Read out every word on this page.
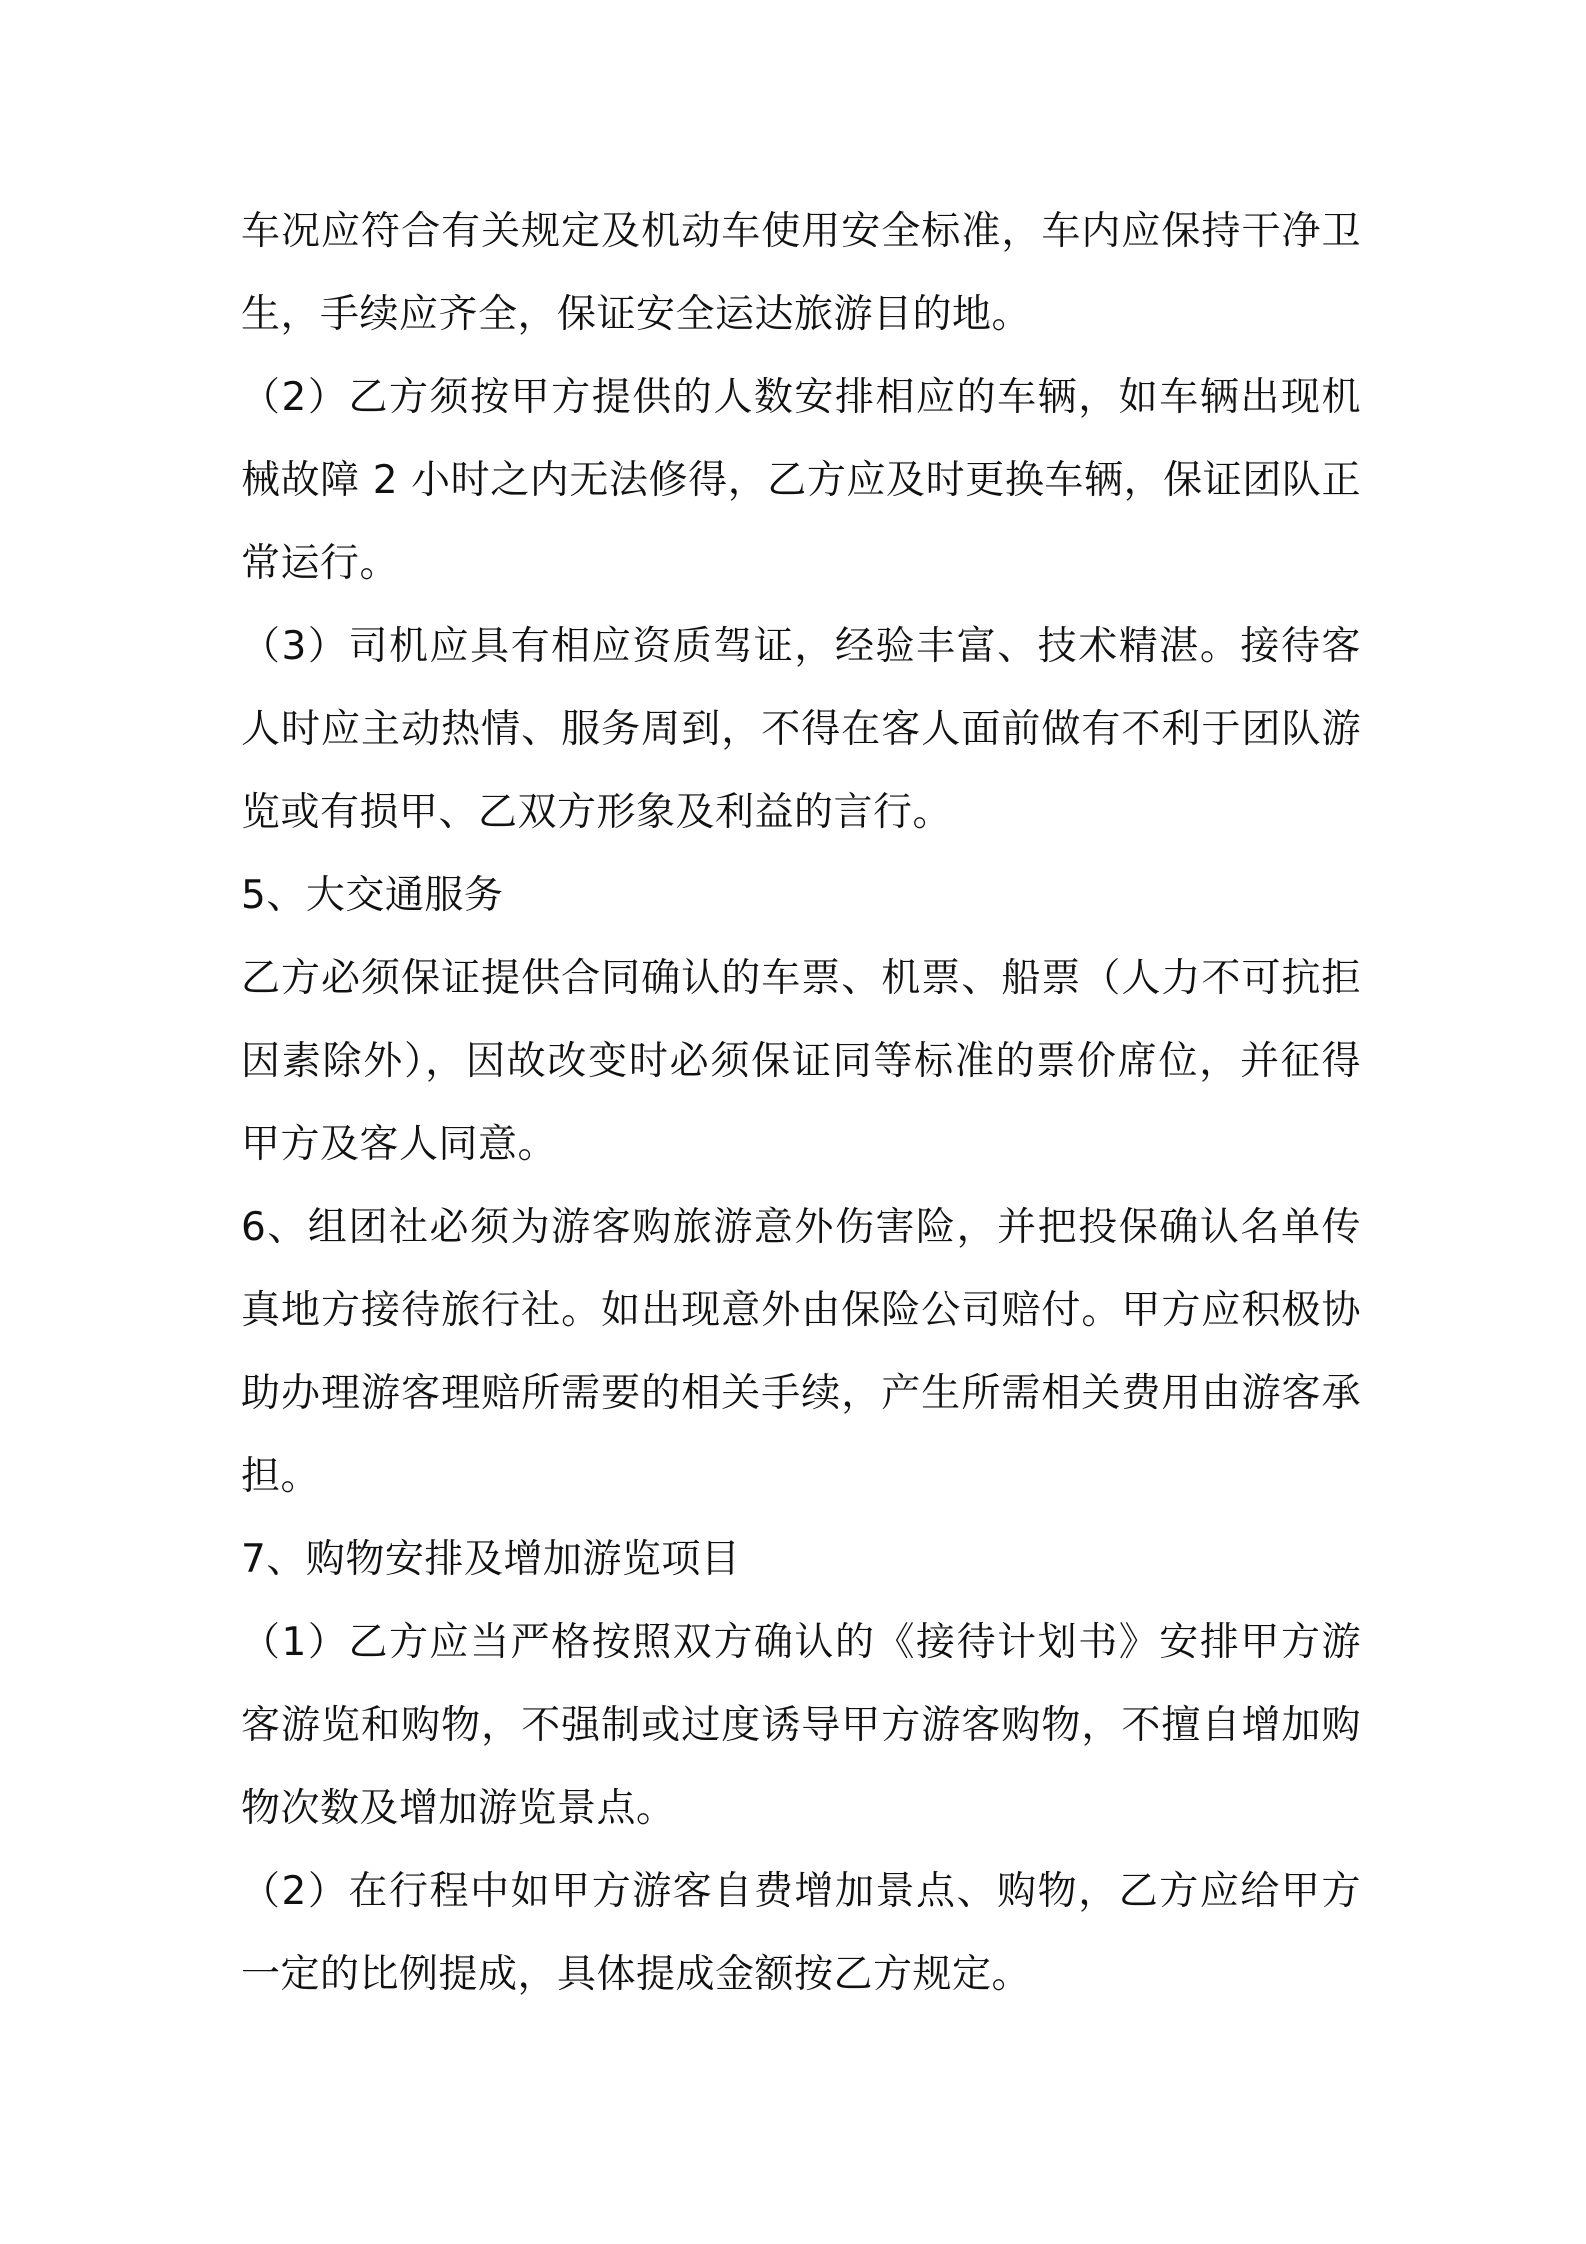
车况应符合有关规定及机动车使用安全标准，车内应保持干净卫生，手续应齐全，保证安全运达旅游目的地。

（2）乙方须按甲方提供的人数安排相应的车辆，如车辆出现机械故障 2 小时之内无法修得，乙方应及时更换车辆，保证团队正常运行。

（3）司机应具有相应资质驾证，经验丰富、技术精湛。接待客人时应主动热情、服务周到，不得在客人面前做有不利于团队游览或有损甲、乙双方形象及利益的言行。

5、大交通服务

乙方必须保证提供合同确认的车票、机票、船票（人力不可抗拒因素除外），因故改变时必须保证同等标准的票价席位，并征得甲方及客人同意。

6、组团社必须为游客购旅游意外伤害险，并把投保确认名单传真地方接待旅行社。如出现意外由保险公司赔付。甲方应积极协助办理游客理赔所需要的相关手续，产生所需相关费用由游客承担。

7、购物安排及增加游览项目

（1）乙方应当严格按照双方确认的《接待计划书》安排甲方游客游览和购物，不强制或过度诱导甲方游客购物，不擅自增加购物次数及增加游览景点。

（2）在行程中如甲方游客自费增加景点、购物，乙方应给甲方一定的比例提成，具体提成金额按乙方规定。
